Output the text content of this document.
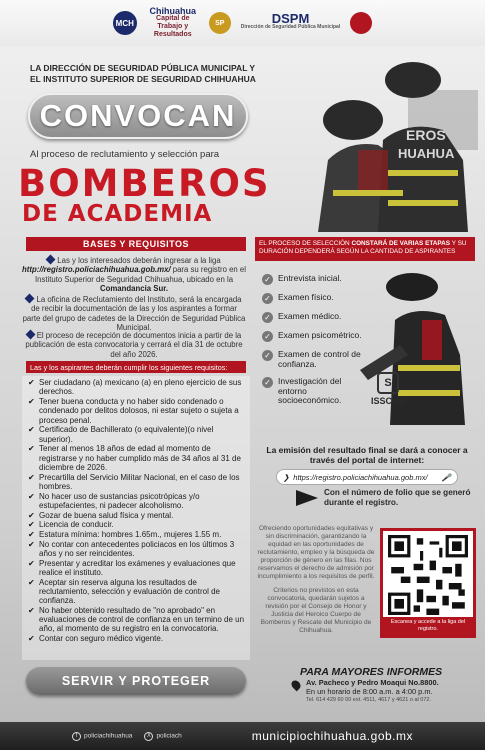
MCH
Chihuahua
Capital de Trabajo y Resultados
SP	DSPM
Dirección de Seguridad Pública Municipal
LA DIRECCIÓN DE SEGURIDAD PÚBLICA MUNICIPAL Y
EL INSTITUTO SUPERIOR DE SEGURIDAD CHIHUAHUA
CONVOCAN
Al proceso de reclutamiento y selección para
BOMBEROS
DE ACADEMIA
EROS
HUAHUA
BASES Y REQUISITOS
Las y los interesados deberán ingresar a la liga http://registro.policiachihuahua.gob.mx/ para su registro en el Instituto Superior de Seguridad Chihuahua, ubicado en la Comandancia Sur.
La oficina de Reclutamiento del Instituto, será la encargada de recibir la documentación de las y los aspirantes a formar parte del grupo de cadetes de la Dirección de Seguridad Pública Municipal.
El proceso de recepción de documentos inicia a partir de la publicación de esta convocatoria y cerrará el día 31 de octubre del año 2026.
Las y los aspirantes deberán cumplir los siguientes requisitos:
✔ Ser ciudadano (a) mexicano (a) en pleno ejercicio de sus derechos.
✔ Tener buena conducta y no haber sido condenado o condenado por delitos dolosos, ni estar sujeto o sujeta a proceso penal.
✔ Certificado de Bachillerato (o equivalente)(o nivel superior).
✔ Tener al menos 18 años de edad al momento de registrarse y no haber cumplido más de 34 años al 31 de diciembre de 2026.
✔ Precartilla del Servicio Militar Nacional, en el caso de los hombres.
✔ No hacer uso de sustancias psicotrópicas y/o estupefacientes, ni padecer alcoholismo.
✔ Gozar de buena salud física y mental.
✔ Licencia de conducir.
✔ Estatura mínima: hombres 1.65m., mujeres 1.55 m.
✔ No contar con antecedentes policiacos en los últimos 3 años y no ser reincidentes.
✔ Presentar y acreditar los exámenes y evaluaciones que realice el instituto.
✔ Aceptar sin reserva alguna los resultados de reclutamiento, selección y evaluación de control de confianza.
✔ No haber obtenido resultado de "no aprobado" en evaluaciones de control de confianza en un termino de un año, al momento de su registro en la convocatoria.
✔ Contar con seguro médico vigente.
EL PROCESO DE SELECCIÓN CONSTARÁ DE VARIAS ETAPAS Y SU DURACIÓN DEPENDERÁ SEGÚN LA CANTIDAD DE ASPIRANTES
✓ Entrevista inicial.
✓ Examen físico.
✓ Examen médico.
✓ Examen psicométrico.
✓ Examen de control de confianza.
✓ Investigación del entorno socioeconómico.
S
ISSCUU
La emisión del resultado final se dará a conocer a través del portal de internet:
❯ https://registro.policiachihuahua.gob.mx/ 🎤
Con el número de folio que se generó durante el registro.
Ofreciendo oportunidades equitativas y sin discriminación, garantizando la equidad en las oportunidades de reclutamiento, empleo y la búsqueda de proporción de género en las filas. Nos reservamos el derecho de admisión por incumplimiento a los requisitos de perfil.
Criterios no previstos en esta convocatoria, quedarán sujetos a revisión por el Consejo de Honor y Justicia del Heroico Cuerpo de Bomberos y Rescate del Municipio de Chihuahua.
Escanea y accede a la liga del registro.
SERVIR Y PROTEGER
PARA MAYORES INFORMES
Av. Pacheco y Pedro Moaqui No.8800.
En un horario de 8:00 a.m. a 4:00 p.m.
Tel. 614 429 60 00 ext. 4511, 4617 y 4621 o al 072.
f policiachihuahua	X policiach	municipiochihuahua.gob.mx
